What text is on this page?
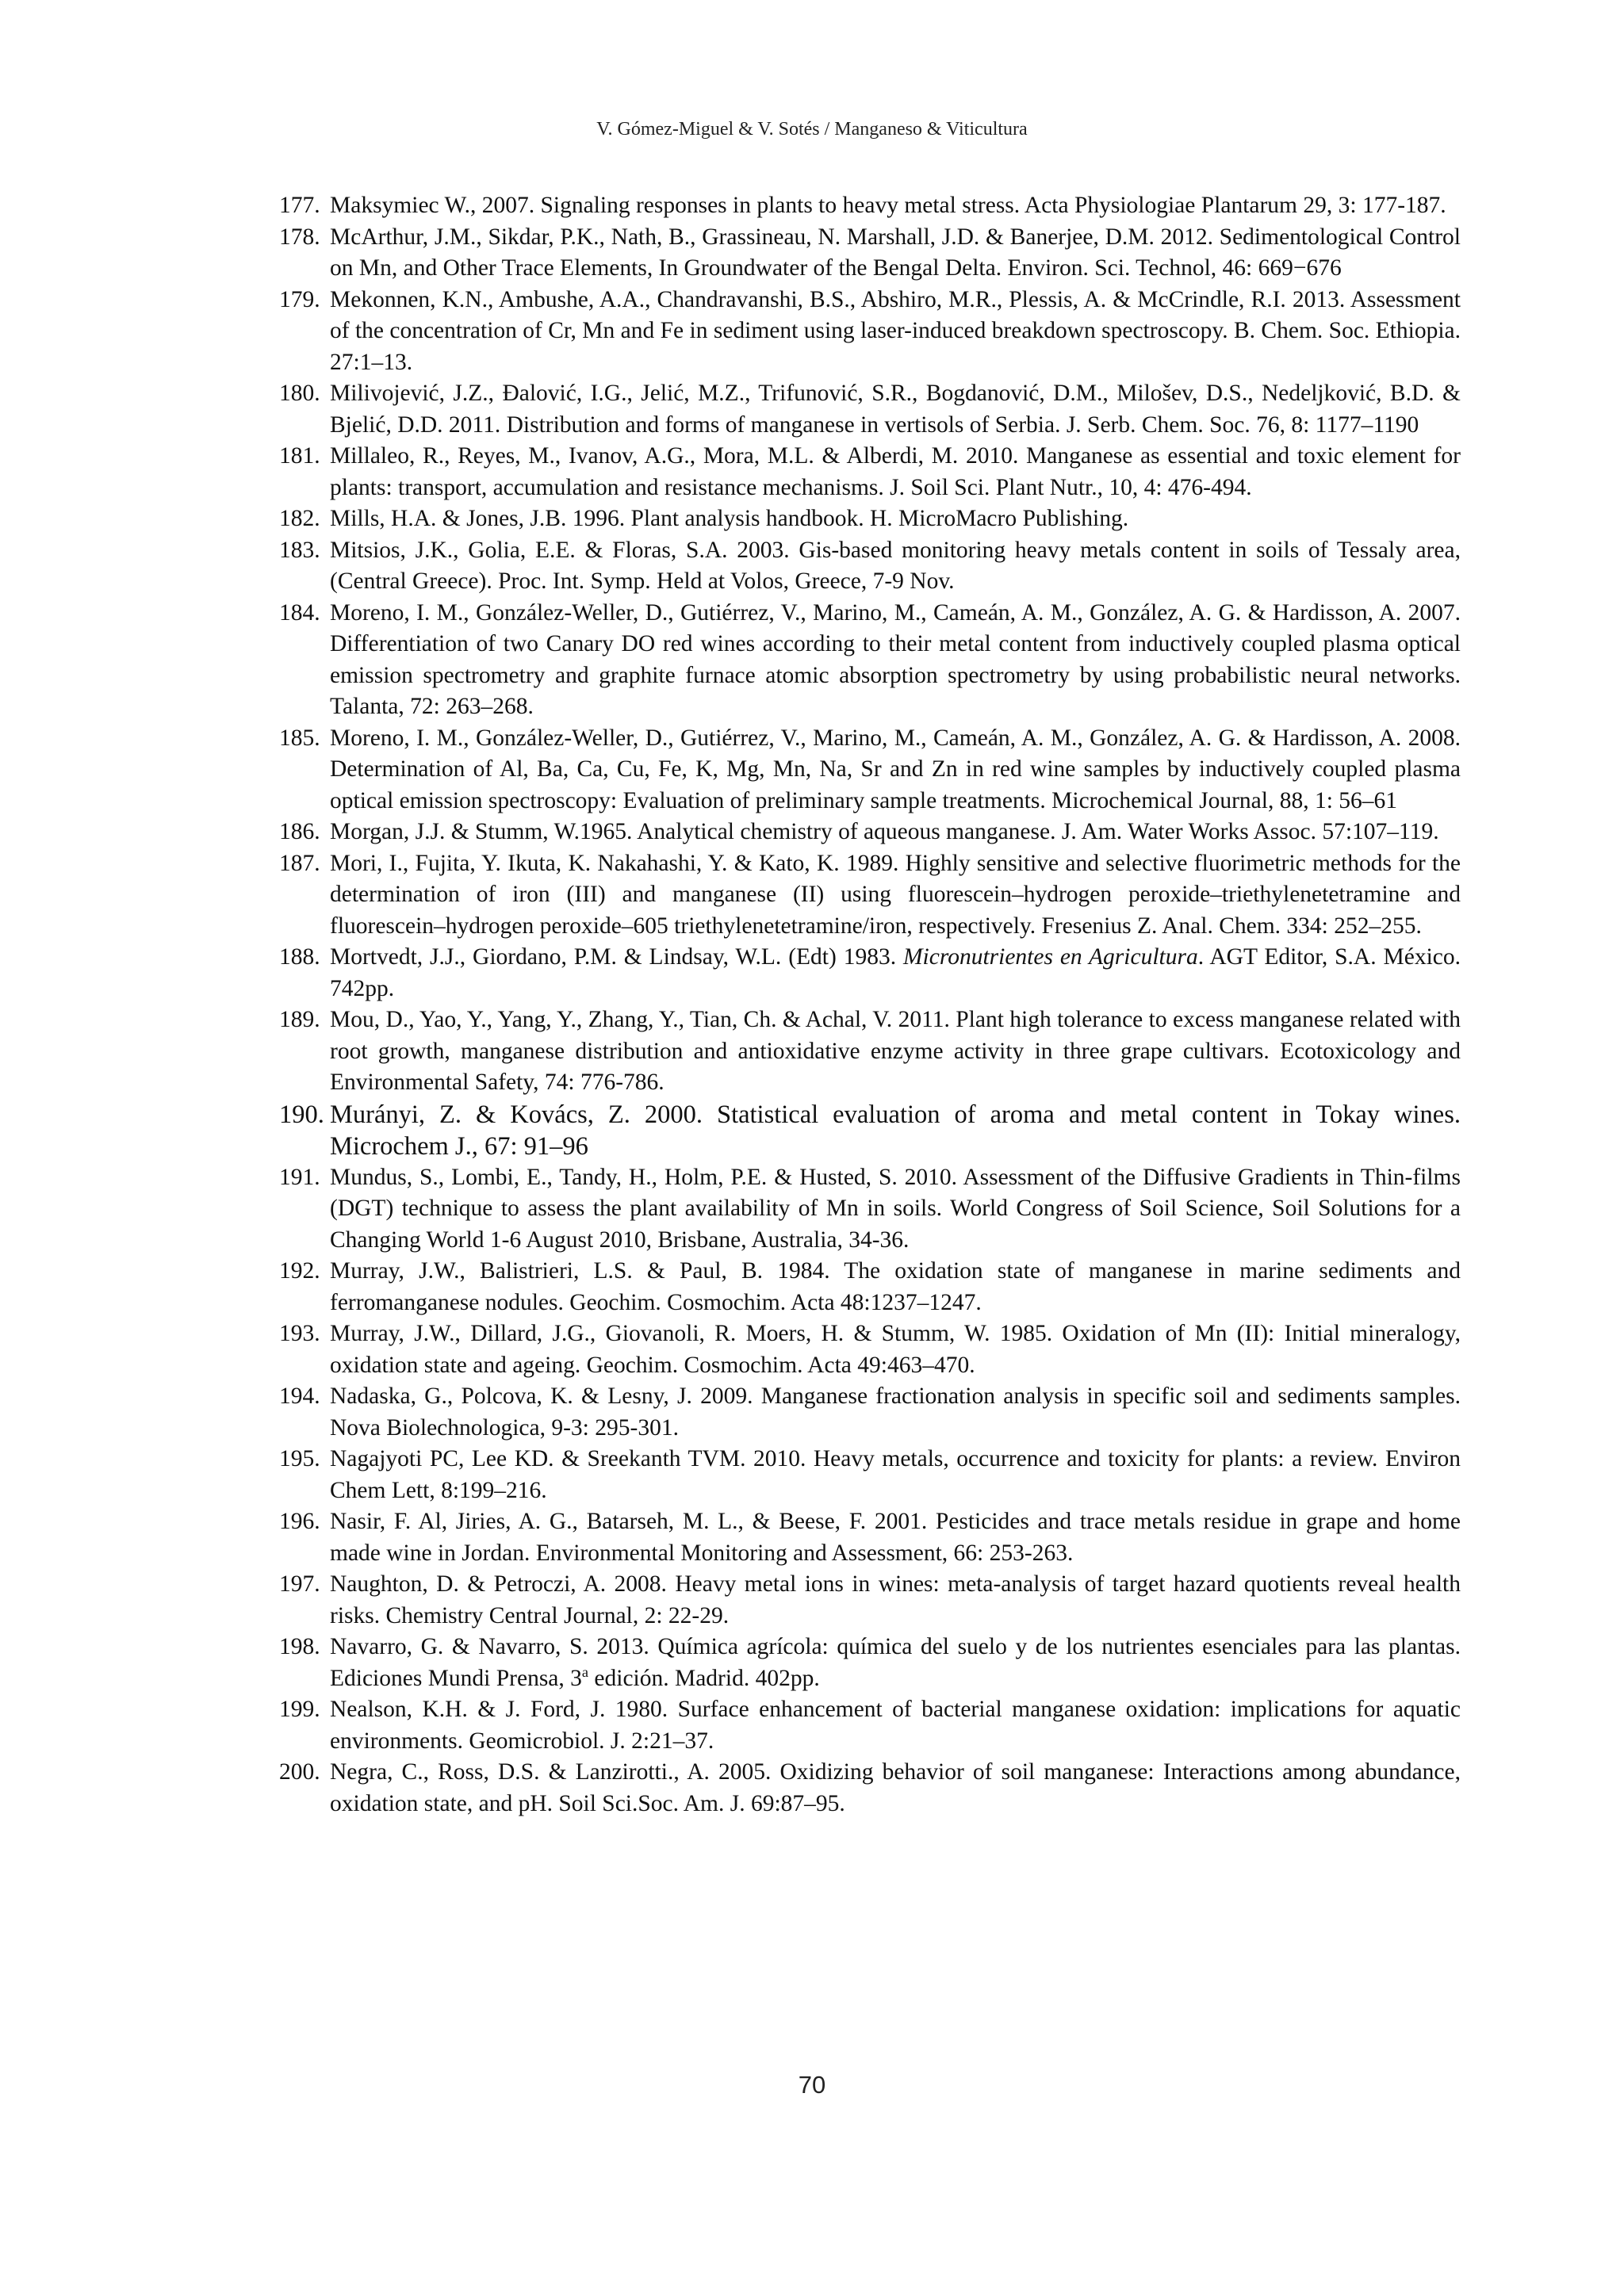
V. Gómez-Miguel & V. Sotés / Manganeso & Viticultura
177. Maksymiec W., 2007. Signaling responses in plants to heavy metal stress. Acta Physiologiae Plantarum 29, 3: 177-187.
178. McArthur, J.M., Sikdar, P.K., Nath, B., Grassineau, N. Marshall, J.D. & Banerjee, D.M. 2012. Sedimentological Control on Mn, and Other Trace Elements, In Groundwater of the Bengal Delta. Environ. Sci. Technol, 46: 669−676
179. Mekonnen, K.N., Ambushe, A.A., Chandravanshi, B.S., Abshiro, M.R., Plessis, A. & McCrindle, R.I. 2013. Assessment of the concentration of Cr, Mn and Fe in sediment using laser-induced breakdown spectroscopy. B. Chem. Soc. Ethiopia. 27:1–13.
180. Milivojević, J.Z., Đalović, I.G., Jelić, M.Z., Trifunović, S.R., Bogdanović, D.M., Milošev, D.S., Nedeljković, B.D. & Bjelić, D.D. 2011. Distribution and forms of manganese in vertisols of Serbia. J. Serb. Chem. Soc. 76, 8: 1177–1190
181. Millaleo, R., Reyes, M., Ivanov, A.G., Mora, M.L. & Alberdi, M. 2010. Manganese as essential and toxic element for plants: transport, accumulation and resistance mechanisms. J. Soil Sci. Plant Nutr., 10, 4: 476-494.
182. Mills, H.A. & Jones, J.B. 1996. Plant analysis handbook. H. MicroMacro Publishing.
183. Mitsios, J.K., Golia, E.E. & Floras, S.A. 2003. Gis-based monitoring heavy metals content in soils of Tessaly area, (Central Greece). Proc. Int. Symp. Held at Volos, Greece, 7-9 Nov.
184. Moreno, I. M., González-Weller, D., Gutiérrez, V., Marino, M., Cameán, A. M., González, A. G. & Hardisson, A. 2007. Differentiation of two Canary DO red wines according to their metal content from inductively coupled plasma optical emission spectrometry and graphite furnace atomic absorption spectrometry by using probabilistic neural networks. Talanta, 72: 263–268.
185. Moreno, I. M., González-Weller, D., Gutiérrez, V., Marino, M., Cameán, A. M., González, A. G. & Hardisson, A. 2008. Determination of Al, Ba, Ca, Cu, Fe, K, Mg, Mn, Na, Sr and Zn in red wine samples by inductively coupled plasma optical emission spectroscopy: Evaluation of preliminary sample treatments. Microchemical Journal, 88, 1: 56–61
186. Morgan, J.J. & Stumm, W.1965. Analytical chemistry of aqueous manganese. J. Am. Water Works Assoc. 57:107–119.
187. Mori, I., Fujita, Y. Ikuta, K. Nakahashi, Y. & Kato, K. 1989. Highly sensitive and selective fluorimetric methods for the determination of iron (III) and manganese (II) using fluorescein–hydrogen peroxide–triethylenetetramine and fluorescein–hydrogen peroxide–605 triethylenetetramine/iron, respectively. Fresenius Z. Anal. Chem. 334: 252–255.
188. Mortvedt, J.J., Giordano, P.M. & Lindsay, W.L. (Edt) 1983. Micronutrientes en Agricultura. AGT Editor, S.A. México. 742pp.
189. Mou, D., Yao, Y., Yang, Y., Zhang, Y., Tian, Ch. & Achal, V. 2011. Plant high tolerance to excess manganese related with root growth, manganese distribution and antioxidative enzyme activity in three grape cultivars. Ecotoxicology and Environmental Safety, 74: 776-786.
190. Murányi, Z. & Kovács, Z. 2000. Statistical evaluation of aroma and metal content in Tokay wines. Microchem J., 67: 91–96
191. Mundus, S., Lombi, E., Tandy, H., Holm, P.E. & Husted, S. 2010. Assessment of the Diffusive Gradients in Thin-films (DGT) technique to assess the plant availability of Mn in soils. World Congress of Soil Science, Soil Solutions for a Changing World 1-6 August 2010, Brisbane, Australia, 34-36.
192. Murray, J.W., Balistrieri, L.S. & Paul, B. 1984. The oxidation state of manganese in marine sediments and ferromanganese nodules. Geochim. Cosmochim. Acta 48:1237–1247.
193. Murray, J.W., Dillard, J.G., Giovanoli, R. Moers, H. & Stumm, W. 1985. Oxidation of Mn (II): Initial mineralogy, oxidation state and ageing. Geochim. Cosmochim. Acta 49:463–470.
194. Nadaska, G., Polcova, K. & Lesny, J. 2009. Manganese fractionation analysis in specific soil and sediments samples. Nova Biolechnologica, 9-3: 295-301.
195. Nagajyoti PC, Lee KD. & Sreekanth TVM. 2010. Heavy metals, occurrence and toxicity for plants: a review. Environ Chem Lett, 8:199–216.
196. Nasir, F. Al, Jiries, A. G., Batarseh, M. L., & Beese, F. 2001. Pesticides and trace metals residue in grape and home made wine in Jordan. Environmental Monitoring and Assessment, 66: 253-263.
197. Naughton, D. & Petroczi, A. 2008. Heavy metal ions in wines: meta-analysis of target hazard quotients reveal health risks. Chemistry Central Journal, 2: 22-29.
198. Navarro, G. & Navarro, S. 2013. Química agrícola: química del suelo y de los nutrientes esenciales para las plantas. Ediciones Mundi Prensa, 3$^a$ edición. Madrid. 402pp.
199. Nealson, K.H. & J. Ford, J. 1980. Surface enhancement of bacterial manganese oxidation: implications for aquatic environments. Geomicrobiol. J. 2:21–37.
200. Negra, C., Ross, D.S. & Lanzirotti., A. 2005. Oxidizing behavior of soil manganese: Interactions among abundance, oxidation state, and pH. Soil Sci.Soc. Am. J. 69:87–95.
70
